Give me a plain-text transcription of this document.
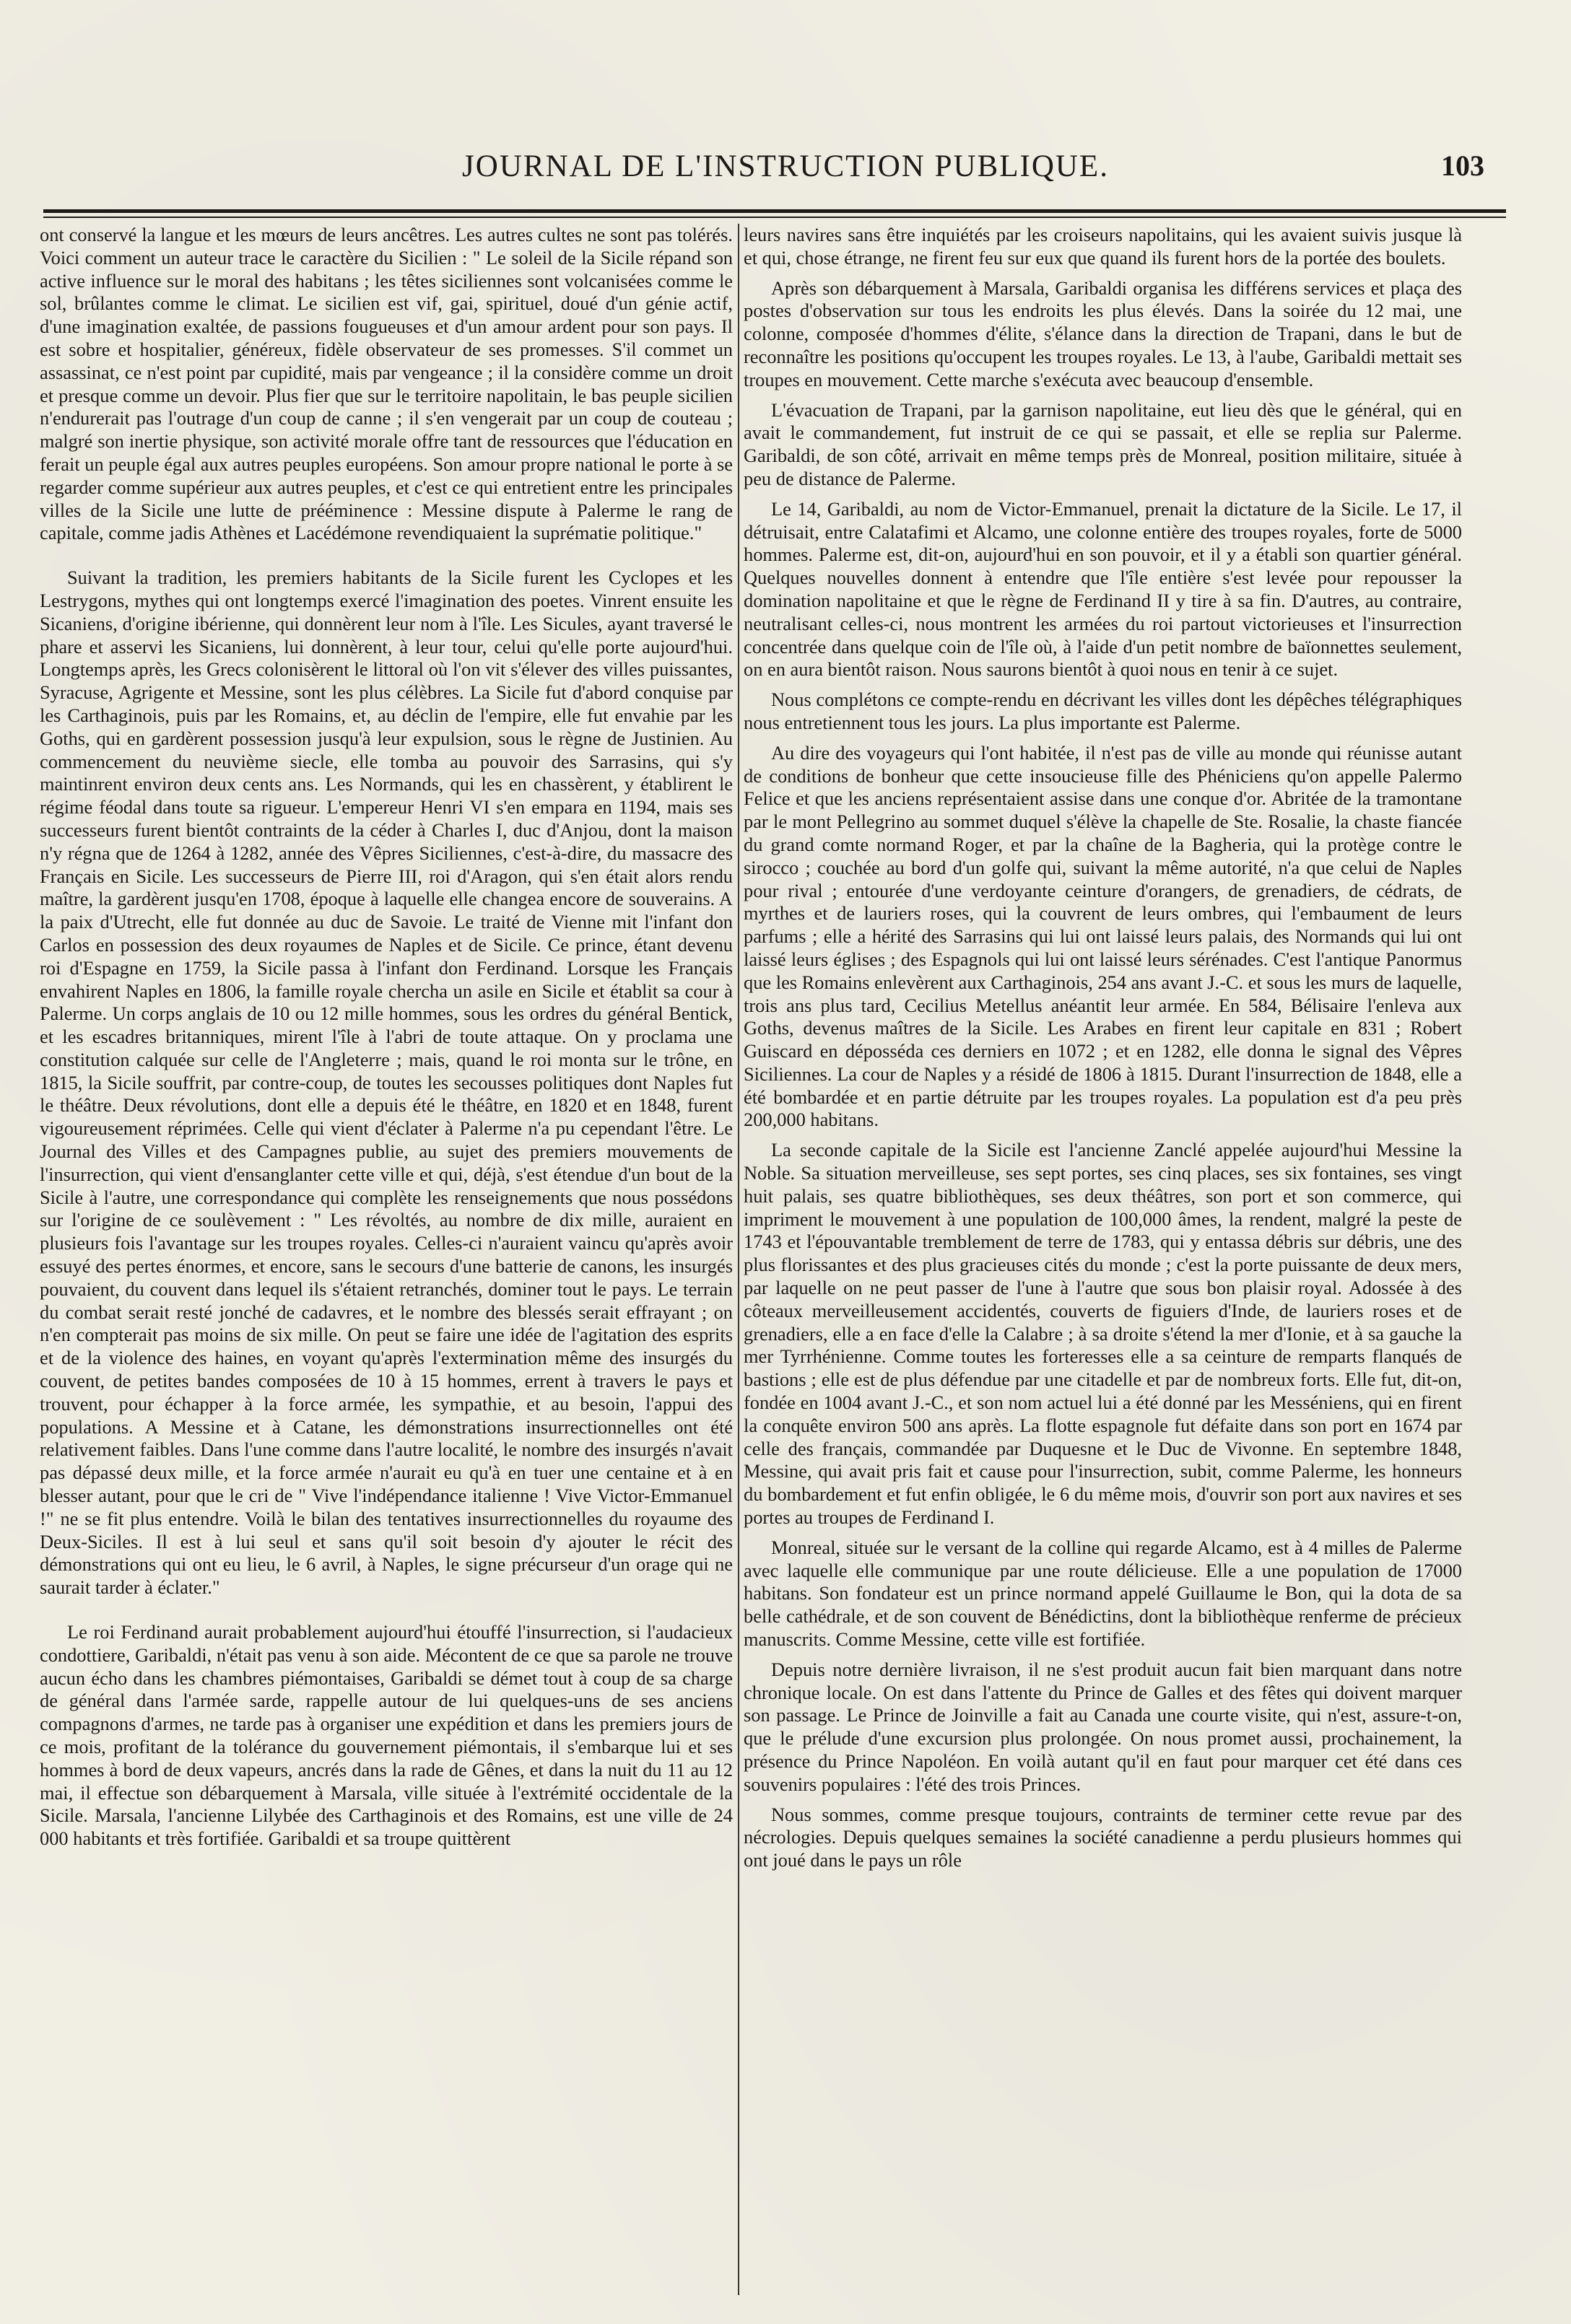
JOURNAL DE L'INSTRUCTION PUBLIQUE.	103

ont conservé la langue et les mœurs de leurs ancêtres. Les autres cultes ne sont pas tolérés. Voici comment un auteur trace le caractère du Sicilien : " Le soleil de la Sicile répand son active influence sur le moral des habitans ; les têtes siciliennes sont volcanisées comme le sol, brûlantes comme le climat. Le sicilien est vif, gai, spirituel, doué d'un génie actif, d'une imagination exaltée, de passions fougueuses et d'un amour ardent pour son pays. Il est sobre et hospitalier, généreux, fidèle observateur de ses promesses. S'il commet un assassinat, ce n'est point par cupidité, mais par vengeance ; il la considère comme un droit et presque comme un devoir. Plus fier que sur le territoire napolitain, le bas peuple sicilien n'endurerait pas l'outrage d'un coup de canne ; il s'en vengerait par un coup de couteau ; malgré son inertie physique, son activité morale offre tant de ressources que l'éducation en ferait un peuple égal aux autres peuples européens. Son amour propre national le porte à se regarder comme supérieur aux autres peuples, et c'est ce qui entretient entre les principales villes de la Sicile une lutte de prééminence : Messine dispute à Palerme le rang de capitale, comme jadis Athènes et Lacédémone revendiquaient la suprématie politique."

Suivant la tradition, les premiers habitants de la Sicile furent les Cyclopes et les Lestrygons, mythes qui ont longtemps exercé l'imagination des poetes. Vinrent ensuite les Sicaniens, d'origine ibérienne, qui donnèrent leur nom à l'île. Les Sicules, ayant traversé le phare et asservi les Sicaniens, lui donnèrent, à leur tour, celui qu'elle porte aujourd'hui. Longtemps après, les Grecs colonisèrent le littoral où l'on vit s'élever des villes puissantes, Syracuse, Agrigente et Messine, sont les plus célèbres. La Sicile fut d'abord conquise par les Carthaginois, puis par les Romains, et, au déclin de l'empire, elle fut envahie par les Goths, qui en gardèrent possession jusqu'à leur expulsion, sous le règne de Justinien. Au commencement du neuvième siecle, elle tomba au pouvoir des Sarrasins, qui s'y maintinrent environ deux cents ans. Les Normands, qui les en chassèrent, y établirent le régime féodal dans toute sa rigueur. L'empereur Henri VI s'en empara en 1194, mais ses successeurs furent bientôt contraints de la céder à Charles I, duc d'Anjou, dont la maison n'y régna que de 1264 à 1282, année des Vêpres Siciliennes, c'est-à-dire, du massacre des Français en Sicile. Les successeurs de Pierre III, roi d'Aragon, qui s'en était alors rendu maître, la gardèrent jusqu'en 1708, époque à laquelle elle changea encore de souverains. A la paix d'Utrecht, elle fut donnée au duc de Savoie. Le traité de Vienne mit l'infant don Carlos en possession des deux royaumes de Naples et de Sicile. Ce prince, étant devenu roi d'Espagne en 1759, la Sicile passa à l'infant don Ferdinand. Lorsque les Français envahirent Naples en 1806, la famille royale chercha un asile en Sicile et établit sa cour à Palerme. Un corps anglais de 10 ou 12 mille hommes, sous les ordres du général Bentick, et les escadres britanniques, mirent l'île à l'abri de toute attaque. On y proclama une constitution calquée sur celle de l'Angleterre ; mais, quand le roi monta sur le trône, en 1815, la Sicile souffrit, par contre-coup, de toutes les secousses politiques dont Naples fut le théâtre. Deux révolutions, dont elle a depuis été le théâtre, en 1820 et en 1848, furent vigoureusement réprimées. Celle qui vient d'éclater à Palerme n'a pu cependant l'être. Le Journal des Villes et des Campagnes publie, au sujet des premiers mouvements de l'insurrection, qui vient d'ensanglanter cette ville et qui, déjà, s'est étendue d'un bout de la Sicile à l'autre, une correspondance qui complète les renseignements que nous possédons sur l'origine de ce soulèvement : " Les révoltés, au nombre de dix mille, auraient en plusieurs fois l'avantage sur les troupes royales. Celles-ci n'auraient vaincu qu'après avoir essuyé des pertes énormes, et encore, sans le secours d'une batterie de canons, les insurgés pouvaient, du couvent dans lequel ils s'étaient retranchés, dominer tout le pays. Le terrain du combat serait resté jonché de cadavres, et le nombre des blessés serait effrayant ; on n'en compterait pas moins de six mille. On peut se faire une idée de l'agitation des esprits et de la violence des haines, en voyant qu'après l'extermination même des insurgés du couvent, de petites bandes composées de 10 à 15 hommes, errent à travers le pays et trouvent, pour échapper à la force armée, les sympathie, et au besoin, l'appui des populations. A Messine et à Catane, les démonstrations insurrectionnelles ont été relativement faibles. Dans l'une comme dans l'autre localité, le nombre des insurgés n'avait pas dépassé deux mille, et la force armée n'aurait eu qu'à en tuer une centaine et à en blesser autant, pour que le cri de " Vive l'indépendance italienne ! Vive Victor-Emmanuel !" ne se fit plus entendre. Voilà le bilan des tentatives insurrectionnelles du royaume des Deux-Siciles. Il est à lui seul et sans qu'il soit besoin d'y ajouter le récit des démonstrations qui ont eu lieu, le 6 avril, à Naples, le signe précurseur d'un orage qui ne saurait tarder à éclater."

Le roi Ferdinand aurait probablement aujourd'hui étouffé l'insurrection, si l'audacieux condottiere, Garibaldi, n'était pas venu à son aide. Mécontent de ce que sa parole ne trouve aucun écho dans les chambres piémontaises, Garibaldi se démet tout à coup de sa charge de général dans l'armée sarde, rappelle autour de lui quelques-uns de ses anciens compagnons d'armes, ne tarde pas à organiser une expédition et dans les premiers jours de ce mois, profitant de la tolérance du gouvernement piémontais, il s'embarque lui et ses hommes à bord de deux vapeurs, ancrés dans la rade de Gênes, et dans la nuit du 11 au 12 mai, il effectue son débarquement à Marsala, ville située à l'extrémité occidentale de la Sicile. Marsala, l'ancienne Lilybée des Carthaginois et des Romains, est une ville de 24 000 habitants et très fortifiée. Garibaldi et sa troupe quittèrent

leurs navires sans être inquiétés par les croiseurs napolitains, qui les avaient suivis jusque là et qui, chose étrange, ne firent feu sur eux que quand ils furent hors de la portée des boulets.

Après son débarquement à Marsala, Garibaldi organisa les différens services et plaça des postes d'observation sur tous les endroits les plus élevés. Dans la soirée du 12 mai, une colonne, composée d'hommes d'élite, s'élance dans la direction de Trapani, dans le but de reconnaître les positions qu'occupent les troupes royales. Le 13, à l'aube, Garibaldi mettait ses troupes en mouvement. Cette marche s'exécuta avec beaucoup d'ensemble.

L'évacuation de Trapani, par la garnison napolitaine, eut lieu dès que le général, qui en avait le commandement, fut instruit de ce qui se passait, et elle se replia sur Palerme. Garibaldi, de son côté, arrivait en même temps près de Monreal, position militaire, située à peu de distance de Palerme.

Le 14, Garibaldi, au nom de Victor-Emmanuel, prenait la dictature de la Sicile. Le 17, il détruisait, entre Calatafimi et Alcamo, une colonne entière des troupes royales, forte de 5000 hommes. Palerme est, dit-on, aujourd'hui en son pouvoir, et il y a établi son quartier général. Quelques nouvelles donnent à entendre que l'île entière s'est levée pour repousser la domination napolitaine et que le règne de Ferdinand II y tire à sa fin. D'autres, au contraire, neutralisant celles-ci, nous montrent les armées du roi partout victorieuses et l'insurrection concentrée dans quelque coin de l'île où, à l'aide d'un petit nombre de baïonnettes seulement, on en aura bientôt raison. Nous saurons bientôt à quoi nous en tenir à ce sujet.

Nous complétons ce compte-rendu en décrivant les villes dont les dépêches télégraphiques nous entretiennent tous les jours. La plus importante est Palerme.

Au dire des voyageurs qui l'ont habitée, il n'est pas de ville au monde qui réunisse autant de conditions de bonheur que cette insoucieuse fille des Phéniciens qu'on appelle Palermo Felice et que les anciens représentaient assise dans une conque d'or. Abritée de la tramontane par le mont Pellegrino au sommet duquel s'élève la chapelle de Ste. Rosalie, la chaste fiancée du grand comte normand Roger, et par la chaîne de la Bagheria, qui la protège contre le sirocco ; couchée au bord d'un golfe qui, suivant la même autorité, n'a que celui de Naples pour rival ; entourée d'une verdoyante ceinture d'orangers, de grenadiers, de cédrats, de myrthes et de lauriers roses, qui la couvrent de leurs ombres, qui l'embaument de leurs parfums ; elle a hérité des Sarrasins qui lui ont laissé leurs palais, des Normands qui lui ont laissé leurs églises ; des Espagnols qui lui ont laissé leurs sérénades. C'est l'antique Panormus que les Romains enlevèrent aux Carthaginois, 254 ans avant J.-C. et sous les murs de laquelle, trois ans plus tard, Cecilius Metellus anéantit leur armée. En 584, Bélisaire l'enleva aux Goths, devenus maîtres de la Sicile. Les Arabes en firent leur capitale en 831 ; Robert Guiscard en dépossédа ces derniers en 1072 ; et en 1282, elle donna le signal des Vêpres Siciliennes. La cour de Naples y a résidé de 1806 à 1815. Durant l'insurrection de 1848, elle a été bombardée et en partie détruite par les troupes royales. La population est d'a peu près 200,000 habitans.

La seconde capitale de la Sicile est l'ancienne Zanclé appelée aujourd'hui Messine la Noble. Sa situation merveilleuse, ses sept portes, ses cinq places, ses six fontaines, ses vingt huit palais, ses quatre bibliothèques, ses deux théâtres, son port et son commerce, qui impriment le mouvement à une population de 100,000 âmes, la rendent, malgré la peste de 1743 et l'épouvantable tremblement de terre de 1783, qui y entassa débris sur débris, une des plus florissantes et des plus gracieuses cités du monde ; c'est la porte puissante de deux mers, par laquelle on ne peut passer de l'une à l'autre que sous bon plaisir royal. Adossée à des côteaux merveilleusement accidentés, couverts de figuiers d'Inde, de lauriers roses et de grenadiers, elle a en face d'elle la Calabre ; à sa droite s'étend la mer d'Ionie, et à sa gauche la mer Tyrrhénienne. Comme toutes les forteresses elle a sa ceinture de remparts flanqués de bastions ; elle est de plus défendue par une citadelle et par de nombreux forts. Elle fut, dit-on, fondée en 1004 avant J.-C., et son nom actuel lui a été donné par les Messéniens, qui en firent la conquête environ 500 ans après. La flotte espagnole fut défaite dans son port en 1674 par celle des français, commandée par Duquesne et le Duc de Vivonne. En septembre 1848, Messine, qui avait pris fait et cause pour l'insurrection, subit, comme Palerme, les honneurs du bombardement et fut enfin obligée, le 6 du même mois, d'ouvrir son port aux navires et ses portes au troupes de Ferdinand I.

Monreal, située sur le versant de la colline qui regarde Alcamo, est à 4 milles de Palerme avec laquelle elle communique par une route délicieuse. Elle a une population de 17000 habitans. Son fondateur est un prince normand appelé Guillaume le Bon, qui la dota de sa belle cathédrale, et de son couvent de Bénédictins, dont la bibliothèque renferme de précieux manuscrits. Comme Messine, cette ville est fortifiée.

Depuis notre dernière livraison, il ne s'est produit aucun fait bien marquant dans notre chronique locale. On est dans l'attente du Prince de Galles et des fêtes qui doivent marquer son passage. Le Prince de Joinville a fait au Canada une courte visite, qui n'est, assure-t-on, que le prélude d'une excursion plus prolongée. On nous promet aussi, prochainement, la présence du Prince Napoléon. En voilà autant qu'il en faut pour marquer cet été dans ces souvenirs populaires : l'été des trois Princes.

Nous sommes, comme presque toujours, contraints de terminer cette revue par des nécrologies. Depuis quelques semaines la société canadienne a perdu plusieurs hommes qui ont joué dans le pays un rôle
